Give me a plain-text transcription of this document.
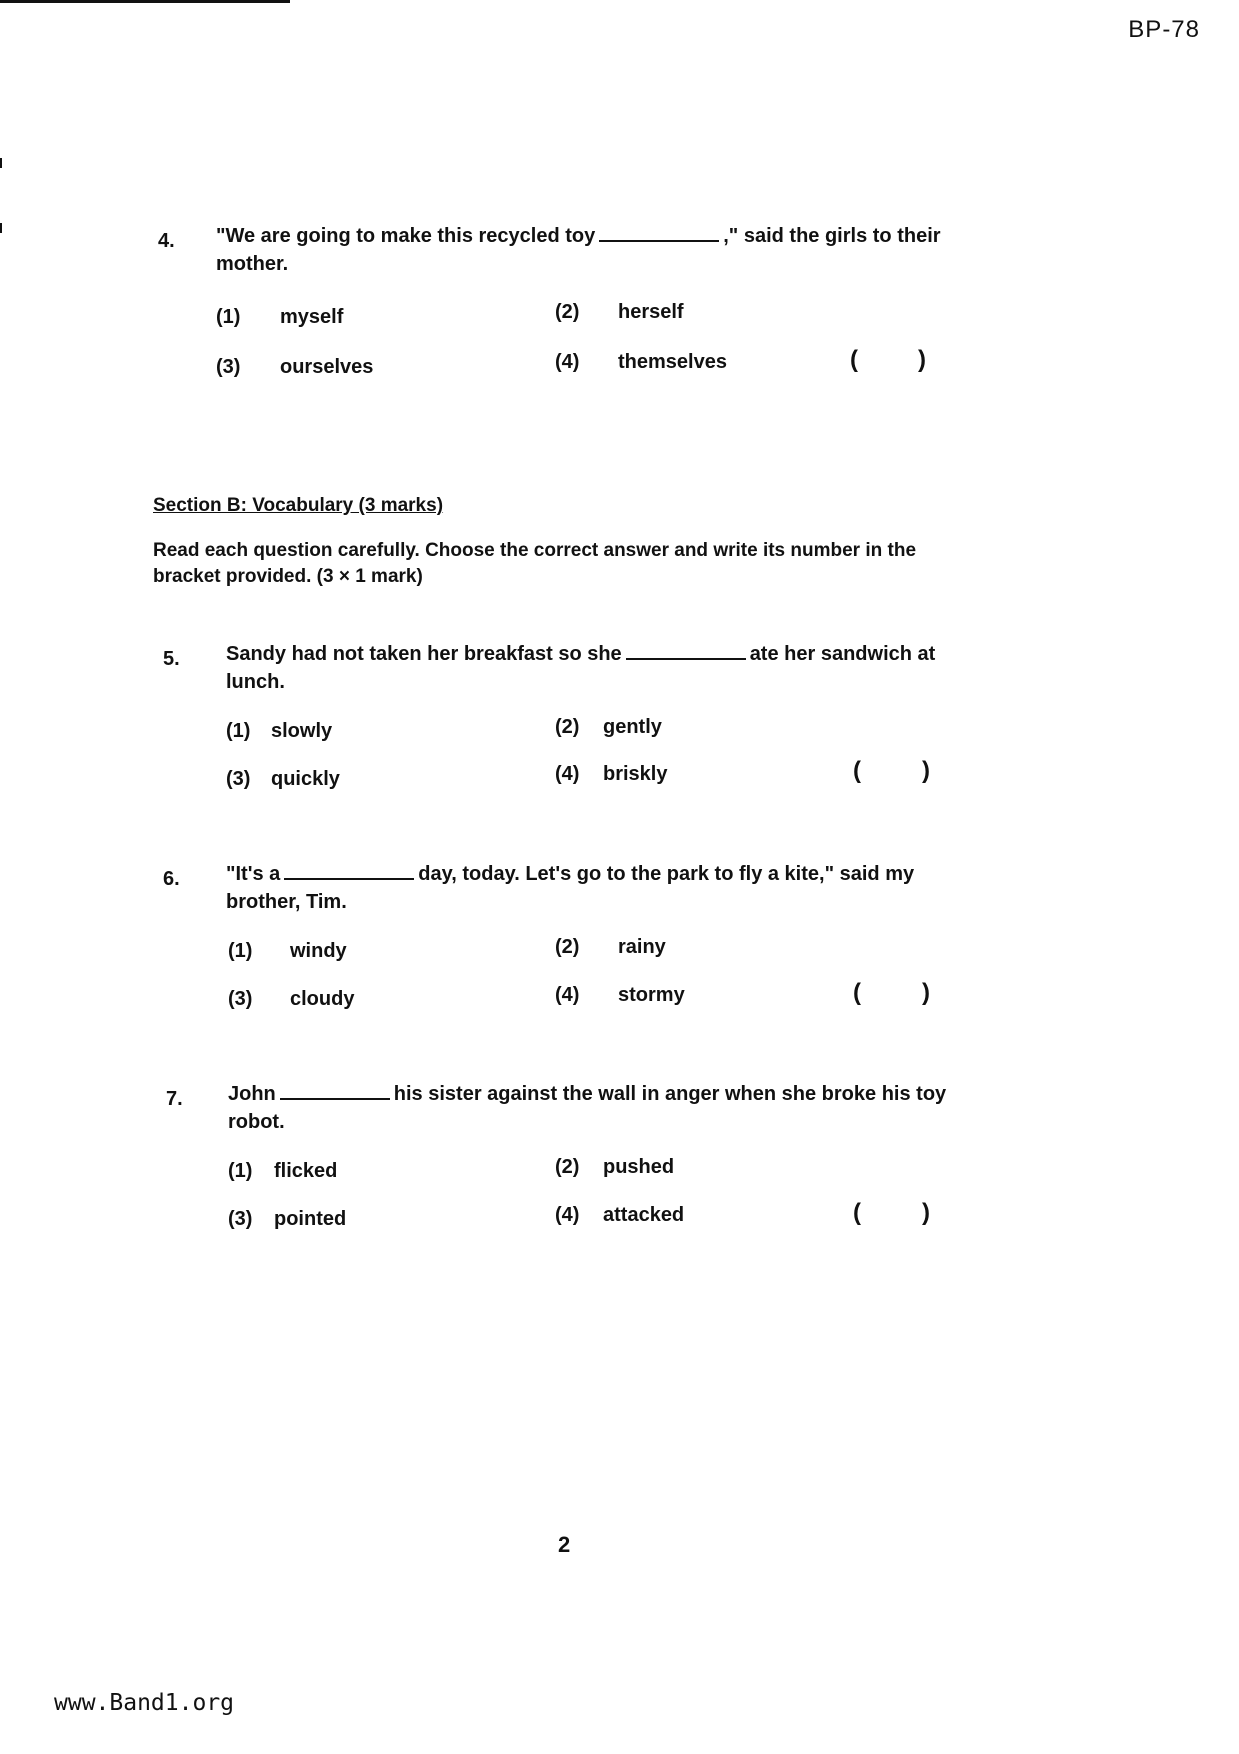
BP-78
4. "We are going to make this recycled toy	," said the girls to their mother.
(1) myself	(2) herself
(3) ourselves	(4) themselves	(	)
Section B: Vocabulary (3 marks)
Read each question carefully. Choose the correct answer and write its number in the bracket provided. (3 × 1 mark)
5. Sandy had not taken her breakfast so she	ate her sandwich at lunch.
(1) slowly	(2) gently
(3) quickly	(4) briskly	(	)
6. "It's a	day, today. Let's go to the park to fly a kite," said my brother, Tim.
(1) windy	(2) rainy
(3) cloudy	(4) stormy	(	)
7. John	his sister against the wall in anger when she broke his toy robot.
(1) flicked	(2) pushed
(3) pointed	(4) attacked	(	)
2
www.Band1.org
